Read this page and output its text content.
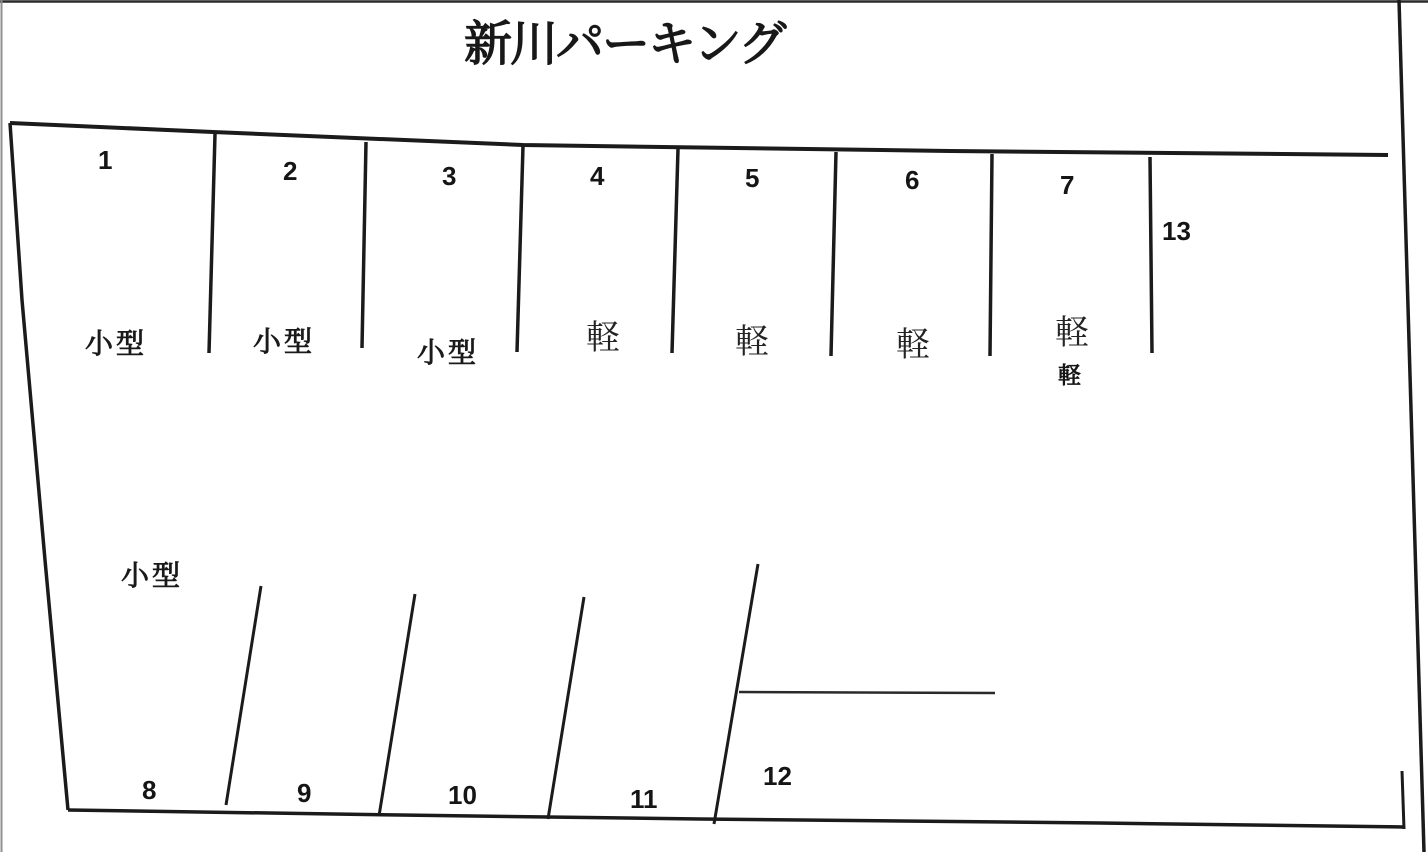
新川パーキング
1	2	3	4	5	6	7
13
小型	小型	小型	軽	軽	軽	軽
軽
小型
8	9	10	11
12
